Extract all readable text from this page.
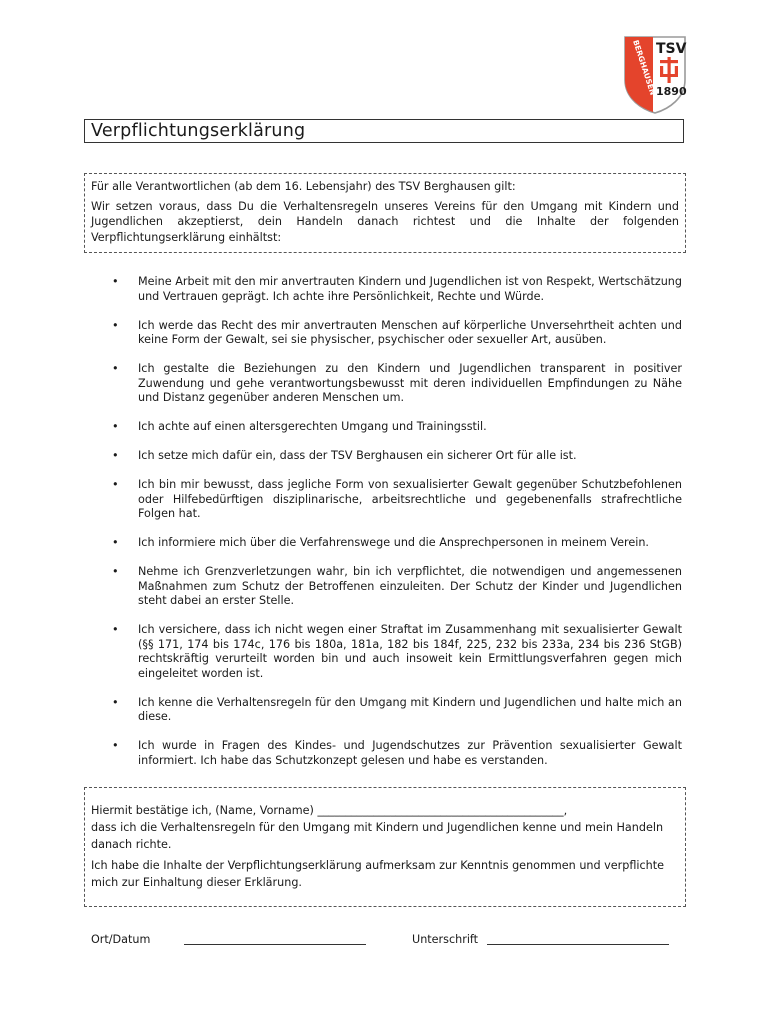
BERGHAUSEN
TSV
1890
Verpflichtungserklärung

Für alle Verantwortlichen (ab dem 16. Lebensjahr) des TSV Berghausen gilt:

Wir setzen voraus, dass Du die Verhaltensregeln unseres Vereins für den Umgang mit Kindern und Jugendlichen akzeptierst, dein Handeln danach richtest und die Inhalte der folgenden Verpflichtungserklärung einhältst:

• Meine Arbeit mit den mir anvertrauten Kindern und Jugendlichen ist von Respekt, Wertschätzung und Vertrauen geprägt. Ich achte ihre Persönlichkeit, Rechte und Würde.
• Ich werde das Recht des mir anvertrauten Menschen auf körperliche Unversehrtheit achten und keine Form der Gewalt, sei sie physischer, psychischer oder sexueller Art, ausüben.
• Ich gestalte die Beziehungen zu den Kindern und Jugendlichen transparent in positiver Zuwendung und gehe verantwortungsbewusst mit deren individuellen Empfindungen zu Nähe und Distanz gegenüber anderen Menschen um.
• Ich achte auf einen altersgerechten Umgang und Trainingsstil.
• Ich setze mich dafür ein, dass der TSV Berghausen ein sicherer Ort für alle ist.
• Ich bin mir bewusst, dass jegliche Form von sexualisierter Gewalt gegenüber Schutzbefohlenen oder Hilfebedürftigen disziplinarische, arbeitsrechtliche und gegebenenfalls strafrechtliche Folgen hat.
• Ich informiere mich über die Verfahrenswege und die Ansprechpersonen in meinem Verein.
• Nehme ich Grenzverletzungen wahr, bin ich verpflichtet, die notwendigen und angemessenen Maßnahmen zum Schutz der Betroffenen einzuleiten. Der Schutz der Kinder und Jugendlichen steht dabei an erster Stelle.
• Ich versichere, dass ich nicht wegen einer Straftat im Zusammenhang mit sexualisierter Gewalt (§§ 171, 174 bis 174c, 176 bis 180a, 181a, 182 bis 184f, 225, 232 bis 233a, 234 bis 236 StGB) rechtskräftig verurteilt worden bin und auch insoweit kein Ermittlungsverfahren gegen mich eingeleitet worden ist.
• Ich kenne die Verhaltensregeln für den Umgang mit Kindern und Jugendlichen und halte mich an diese.
• Ich wurde in Fragen des Kindes- und Jugendschutzes zur Prävention sexualisierter Gewalt informiert. Ich habe das Schutzkonzept gelesen und habe es verstanden.

Hiermit bestätige ich, (Name, Vorname) ____________________________________________,

dass ich die Verhaltensregeln für den Umgang mit Kindern und Jugendlichen kenne und mein Handeln danach richte.

Ich habe die Inhalte der Verpflichtungserklärung aufmerksam zur Kenntnis genommen und verpflichte mich zur Einhaltung dieser Erklärung.

Ort/Datum	Unterschrift
